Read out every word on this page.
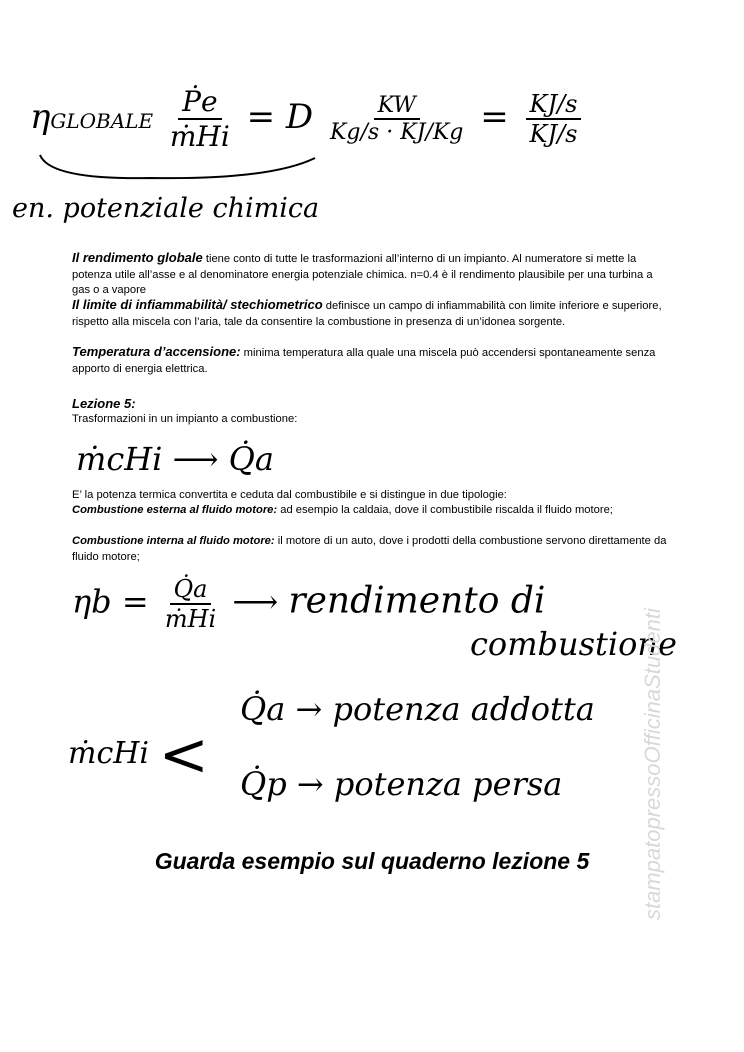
ηGLOBALE $\frac{\text{Ṗe}}{\text{ṁHi}} = D \frac{KW}{Kg/s \cdot KJ/Kg} = \frac{KJ/s}{KJ/s}$
en. potenziale chimica
Il rendimento globale tiene conto di tutte le trasformazioni all’interno di un impianto. Al numeratore si mette la potenza utile all’asse e al denominatore energia potenziale chimica. n=0.4 è il rendimento plausibile per una turbina a gas o a vapore
Il limite di infiammabilità/ stechiometrico definisce un campo di infiammabilità con limite inferiore e superiore, rispetto alla miscela con l’aria, tale da consentire la combustione in presenza di un’idonea sorgente.
Temperatura d’accensione: minima temperatura alla quale una miscela può accendersi spontaneamente senza apporto di energia elettrica.
Lezione 5:
Trasformazioni in un impianto a combustione:
ṁcHi ⟶ Q̇a
E’ la potenza termica convertita e ceduta dal combustibile e si distingue in due tipologie:
Combustione esterna al fluido motore: ad esempio la caldaia, dove il combustibile riscalda il fluido motore;
Combustione interna al fluido motore: il motore di un auto, dove i prodotti della combustione servono direttamente da fluido motore;
$\eta b = \frac{Q̇a}{\text{ṁHi}}$ ⟶ rendimento di
combustione
ṁcHi <
Q̇a → potenza addotta
Q̇p → potenza persa
Guarda esempio sul quaderno lezione 5	stampatopressoOfficinaStudenti
